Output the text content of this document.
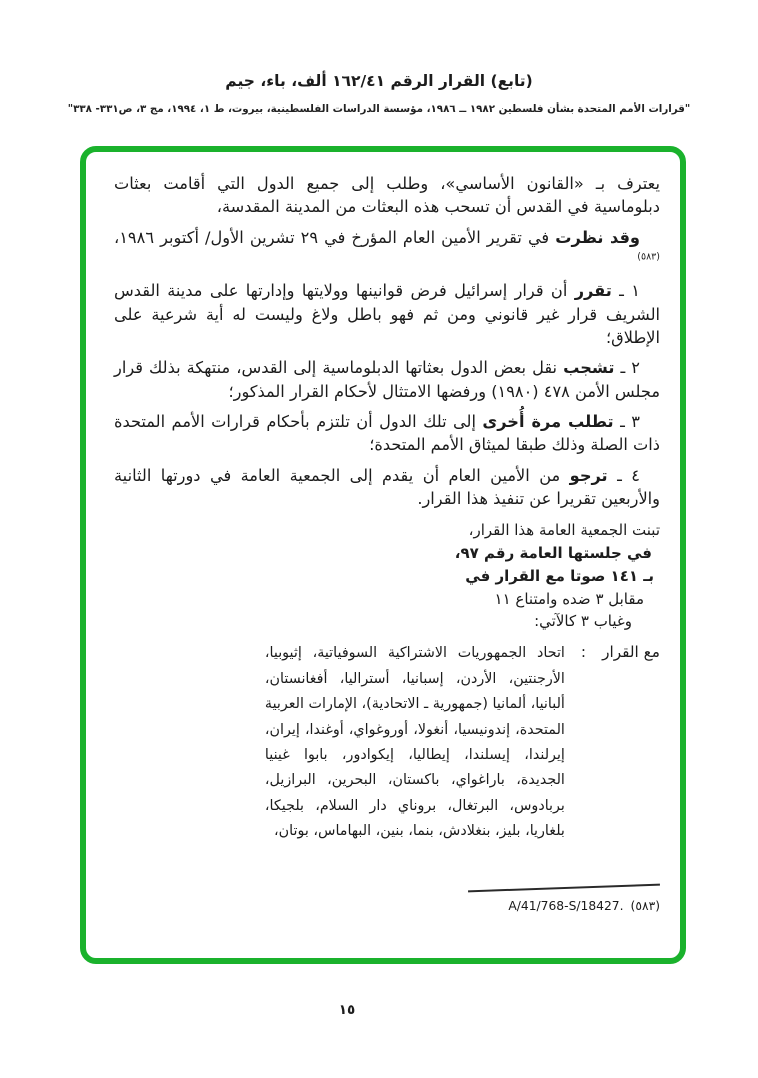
(تابع) القرار الرقم ١٦٢/٤١ ألف، باء، جيم
"قرارات الأمم المتحدة بشأن فلسطين ١٩٨٢ ــ ١٩٨٦، مؤسسة الدراسات الفلسطينية، بيروت، ط ١، ١٩٩٤، مج ٣، ص٣٣١- ٣٣٨"

يعترف بـ «القانون الأساسي»، وطلب إلى جميع الدول التي أقامت بعثات دبلوماسية في القدس أن تسحب هذه البعثات من المدينة المقدسة،

وقد نظرت في تقرير الأمين العام المؤرخ في ٢٩ تشرين الأول/ أكتوبر ١٩٨٦،$^{(٥٨٣)}$

١ ـ تقرر أن قرار إسرائيل فرض قوانينها وولايتها وإدارتها على مدينة القدس الشريف قرار غير قانوني ومن ثم فهو باطل ولاغ وليست له أية شرعية على الإطلاق؛

٢ ـ تشجب نقل بعض الدول بعثاتها الدبلوماسية إلى القدس، منتهكة بذلك قرار مجلس الأمن ٤٧٨ (١٩٨٠) ورفضها الامتثال لأحكام القرار المذكور؛

٣ ـ تطلب مرة أُخرى إلى تلك الدول أن تلتزم بأحكام قرارات الأمم المتحدة ذات الصلة وذلك طبقا لميثاق الأمم المتحدة؛

٤ ـ ترجو من الأمين العام أن يقدم إلى الجمعية العامة في دورتها الثانية والأربعين تقريرا عن تنفيذ هذا القرار.

تبنت الجمعية العامة هذا القرار،
في جلستها العامة رقم ٩٧،
بـ ١٤١ صوتا مع القرار في
مقابل ٣ ضده وامتناع ١١
وغياب ٣ كالآتي:
مع القرار
:
اتحاد الجمهوريات الاشتراكية السوفياتية، إثيوبيا، الأرجنتين، الأردن، إسبانيا، أستراليا، أفغانستان، ألبانيا، ألمانيا (جمهورية ـ الاتحادية)، الإمارات العربية المتحدة، إندونيسيا، أنغولا، أوروغواي، أوغندا، إيران، إيرلندا، إيسلندا، إيطاليا، إيكوادور، بابوا غينيا الجديدة، باراغواي، باكستان، البحرين، البرازيل، بربادوس، البرتغال، بروناي دار السلام، بلجيكا، بلغاريا، بليز، بنغلادش، بنما، بنين، البهاماس، بوتان،
(٥٨٣)A/41/768-S/18427.
١٥
